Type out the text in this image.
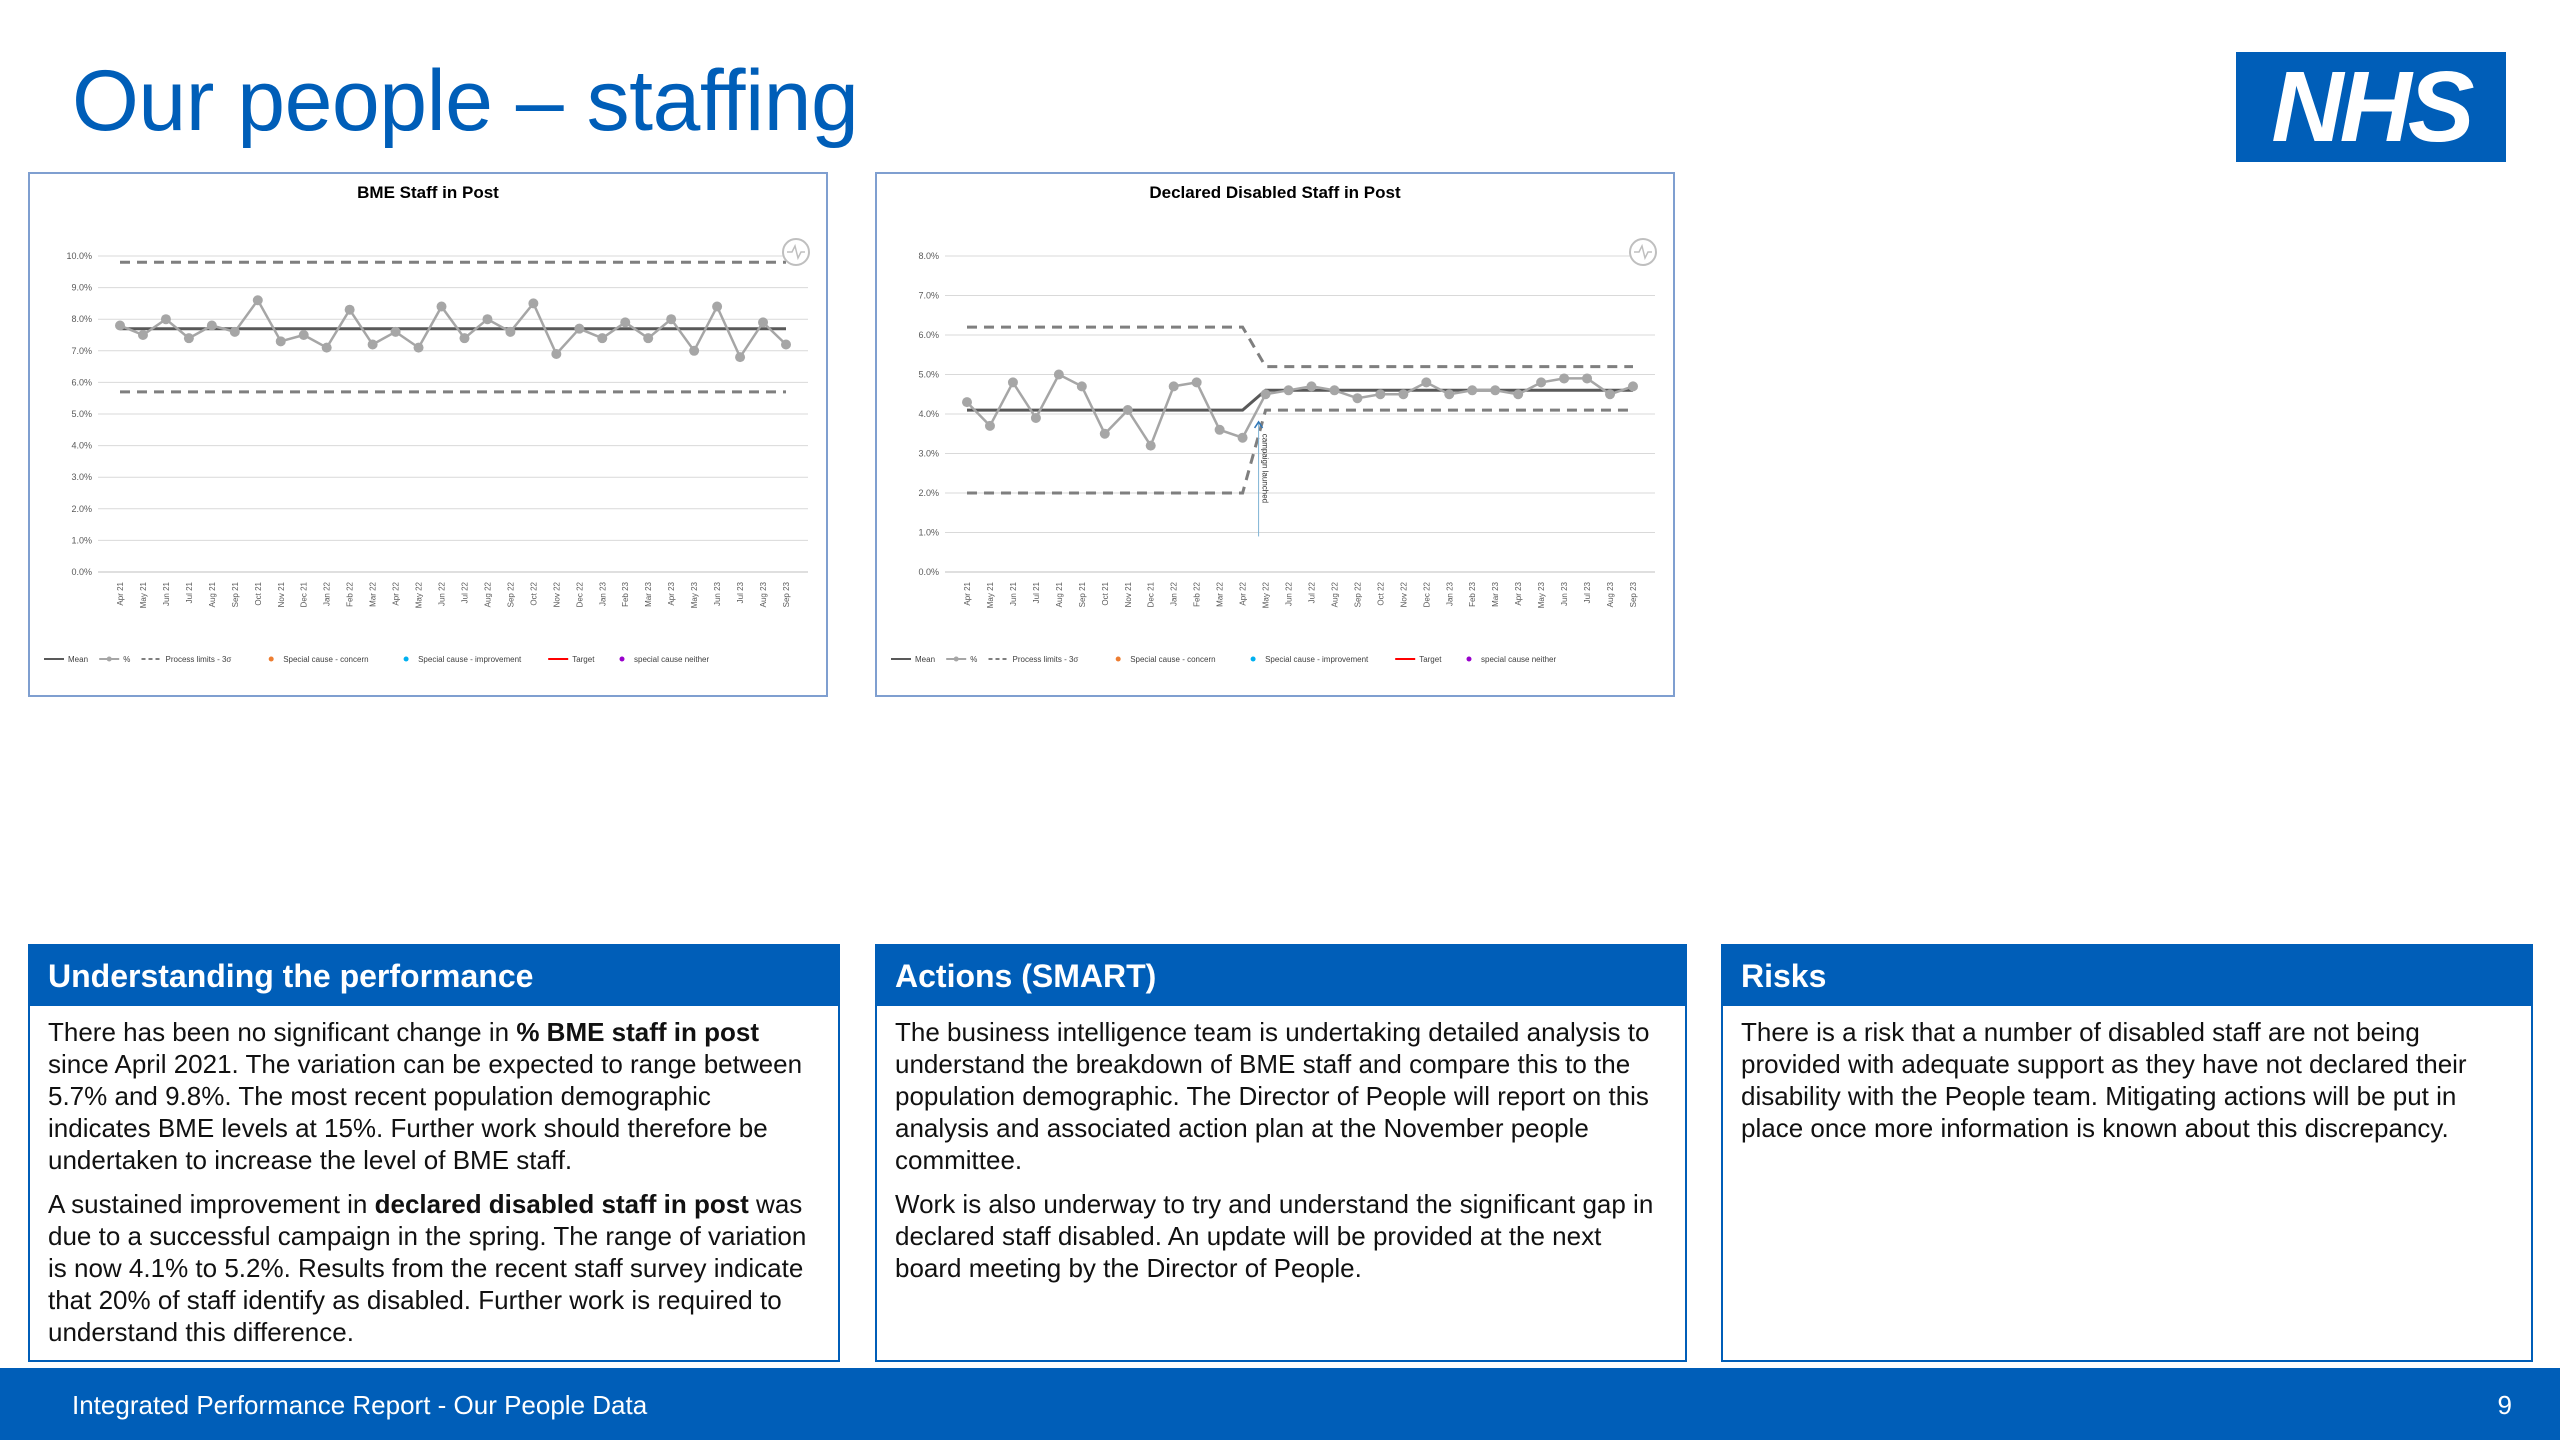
Our people – staffing	NHS
BME Staff in Post
0.0%
1.0%
2.0%
3.0%
4.0%
5.0%
6.0%
7.0%
8.0%
9.0%
10.0%
Apr 21 May 21 Jun 21 Jul 21 Aug 21 Sep 21 Oct 21 Nov 21 Dec 21 Jan 22 Feb 22 Mar 22 Apr 22 May 22 Jun 22 Jul 22 Aug 22 Sep 22 Oct 22 Nov 22 Dec 22 Jan 23 Feb 23 Mar 23 Apr 23 May 23 Jun 23 Jul 23 Aug 23 Sep 23
Mean	%	Process limits - 3σ	Special cause - concern	Special cause - improvement	Target	special cause neither
Declared Disabled Staff in Post
0.0%
1.0%
2.0%
3.0%
4.0%
5.0%
6.0%
7.0%
8.0%
Apr 21 May 21 Jun 21 Jul 21 Aug 21 Sep 21 Oct 21 Nov 21 Dec 21 Jan 22 Feb 22 Mar 22 Apr 22 May 22 Jun 22 Jul 22 Aug 22 Sep 22 Oct 22 Nov 22 Dec 22 Jan 23 Feb 23 Mar 23 Apr 23 May 23 Jun 23 Jul 23 Aug 23 Sep 23
campaign launched
Mean	%	Process limits - 3σ	Special cause - concern	Special cause - improvement	Target	special cause neither
Understanding the performance

There has been no significant change in % BME staff in post since April 2021. The variation can be expected to range between 5.7% and 9.8%. The most recent population demographic indicates BME levels at 15%. Further work should therefore be undertaken to increase the level of BME staff.

A sustained improvement in declared disabled staff in post was due to a successful campaign in the spring. The range of variation is now 4.1% to 5.2%. Results from the recent staff survey indicate that 20% of staff identify as disabled. Further work is required to understand this difference.

Actions (SMART)

The business intelligence team is undertaking detailed analysis to understand the breakdown of BME staff and compare this to the population demographic. The Director of People will report on this analysis and associated action plan at the November people committee.

Work is also underway to try and understand the significant gap in declared staff disabled. An update will be provided at the next board meeting by the Director of People.

Risks

There is a risk that a number of disabled staff are not being provided with adequate support as they have not declared their disability with the People team. Mitigating actions will be put in place once more information is known about this discrepancy.

Integrated Performance Report - Our People Data	9
